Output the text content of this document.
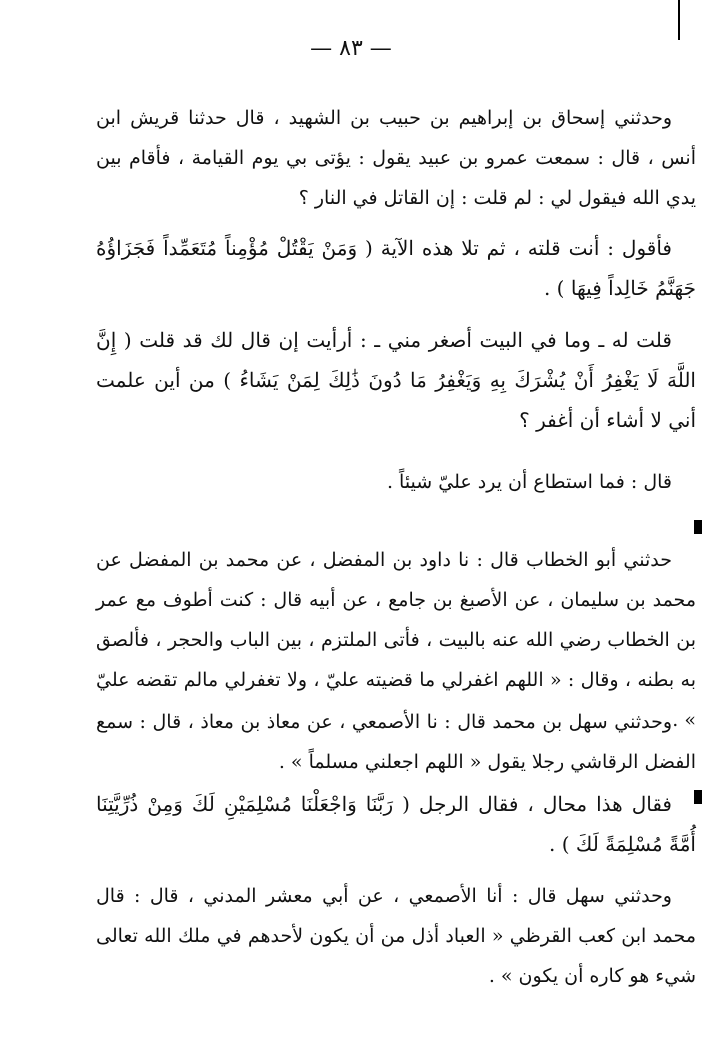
— ٨٣ —

وحدثني إسحاق بن إبراهيم بن حبيب بن الشهيد ، قال حدثنا قريش ابن أنس ، قال : سمعت عمرو بن عبيد يقول : يؤتى بي يوم القيامة ، فأقام بين يدي الله فيقول لي : لم قلت : إن القاتل في النار ؟

فأقول : أنت قلته ، ثم تلا هذه الآية ( وَمَنْ يَقْتُلْ مُؤْمِناً مُتَعَمِّداً فَجَزَاؤُهُ جَهَنَّمُ خَالِداً فِيهَا ) .

قلت له ـ وما في البيت أصغر مني ـ : أرأيت إن قال لك قد قلت ( إِنَّ اللَّهَ لَا يَغْفِرُ أَنْ يُشْرَكَ بِهِ وَيَغْفِرُ مَا دُونَ ذَٰلِكَ لِمَنْ يَشَاءُ ) من أين علمت أني لا أشاء أن أغفر ؟

قال : فما استطاع أن يرد عليّ شيئاً .

حدثني أبو الخطاب قال : نا داود بن المفضل ، عن محمد بن المفضل عن محمد بن سليمان ، عن الأصبغ بن جامع ، عن أبيه قال : كنت أطوف مع عمر بن الخطاب رضي الله عنه بالبيت ، فأتى الملتزم ، بين الباب والحجر ، فألصق به بطنه ، وقال : « اللهم اغفرلي ما قضيته عليّ ، ولا تغفرلي مالم تقضه عليّ » .

وحدثني سهل بن محمد قال : نا الأصمعي ، عن معاذ بن معاذ ، قال : سمع الفضل الرقاشي رجلا يقول « اللهم اجعلني مسلماً » .

فقال هذا محال ، فقال الرجل ( رَبَّنَا وَاجْعَلْنَا مُسْلِمَيْنِ لَكَ وَمِنْ ذُرِّيَّتِنَا أُمَّةً مُسْلِمَةً لَكَ ) .

وحدثني سهل قال : أنا الأصمعي ، عن أبي معشر المدني ، قال : قال محمد ابن كعب القرظي « العباد أذل من أن يكون لأحدهم في ملك الله تعالى شيء هو كاره أن يكون » .
